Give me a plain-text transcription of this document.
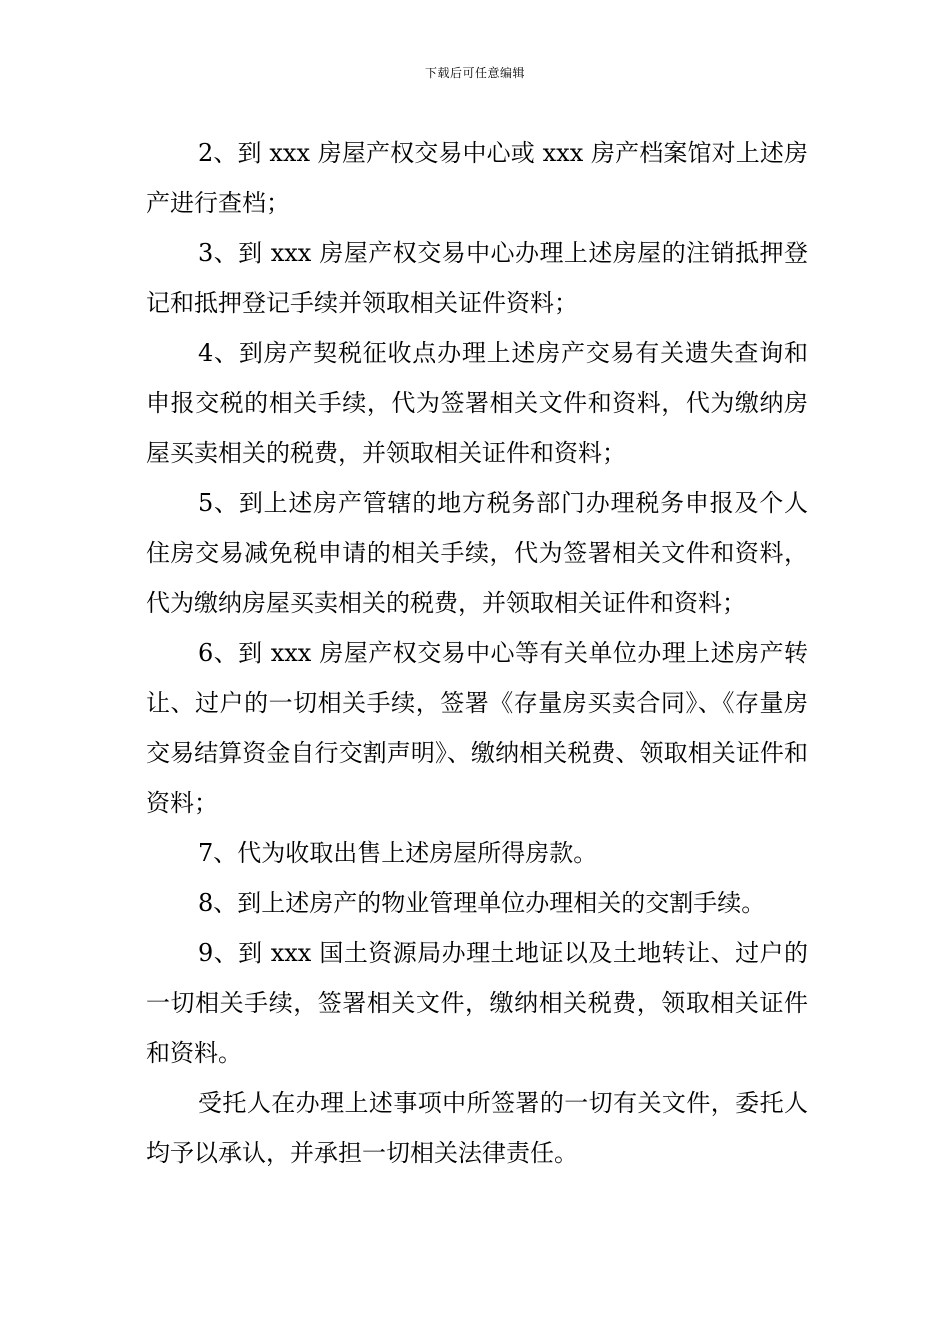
下载后可任意编辑

2、到 xxx 房屋产权交易中心或 xxx 房产档案馆对上述房产进行查档；

3、到 xxx 房屋产权交易中心办理上述房屋的注销抵押登记和抵押登记手续并领取相关证件资料；

4、到房产契税征收点办理上述房产交易有关遗失查询和申报交税的相关手续，代为签署相关文件和资料，代为缴纳房屋买卖相关的税费，并领取相关证件和资料；

5、到上述房产管辖的地方税务部门办理税务申报及个人住房交易减免税申请的相关手续，代为签署相关文件和资料，代为缴纳房屋买卖相关的税费，并领取相关证件和资料；

6、到 xxx 房屋产权交易中心等有关单位办理上述房产转让、过户的一切相关手续，签署《存量房买卖合同》、《存量房交易结算资金自行交割声明》、缴纳相关税费、领取相关证件和资料；

7、代为收取出售上述房屋所得房款。

8、到上述房产的物业管理单位办理相关的交割手续。

9、到 xxx 国土资源局办理土地证以及土地转让、过户的一切相关手续，签署相关文件，缴纳相关税费，领取相关证件和资料。

受托人在办理上述事项中所签署的一切有关文件，委托人均予以承认，并承担一切相关法律责任。
